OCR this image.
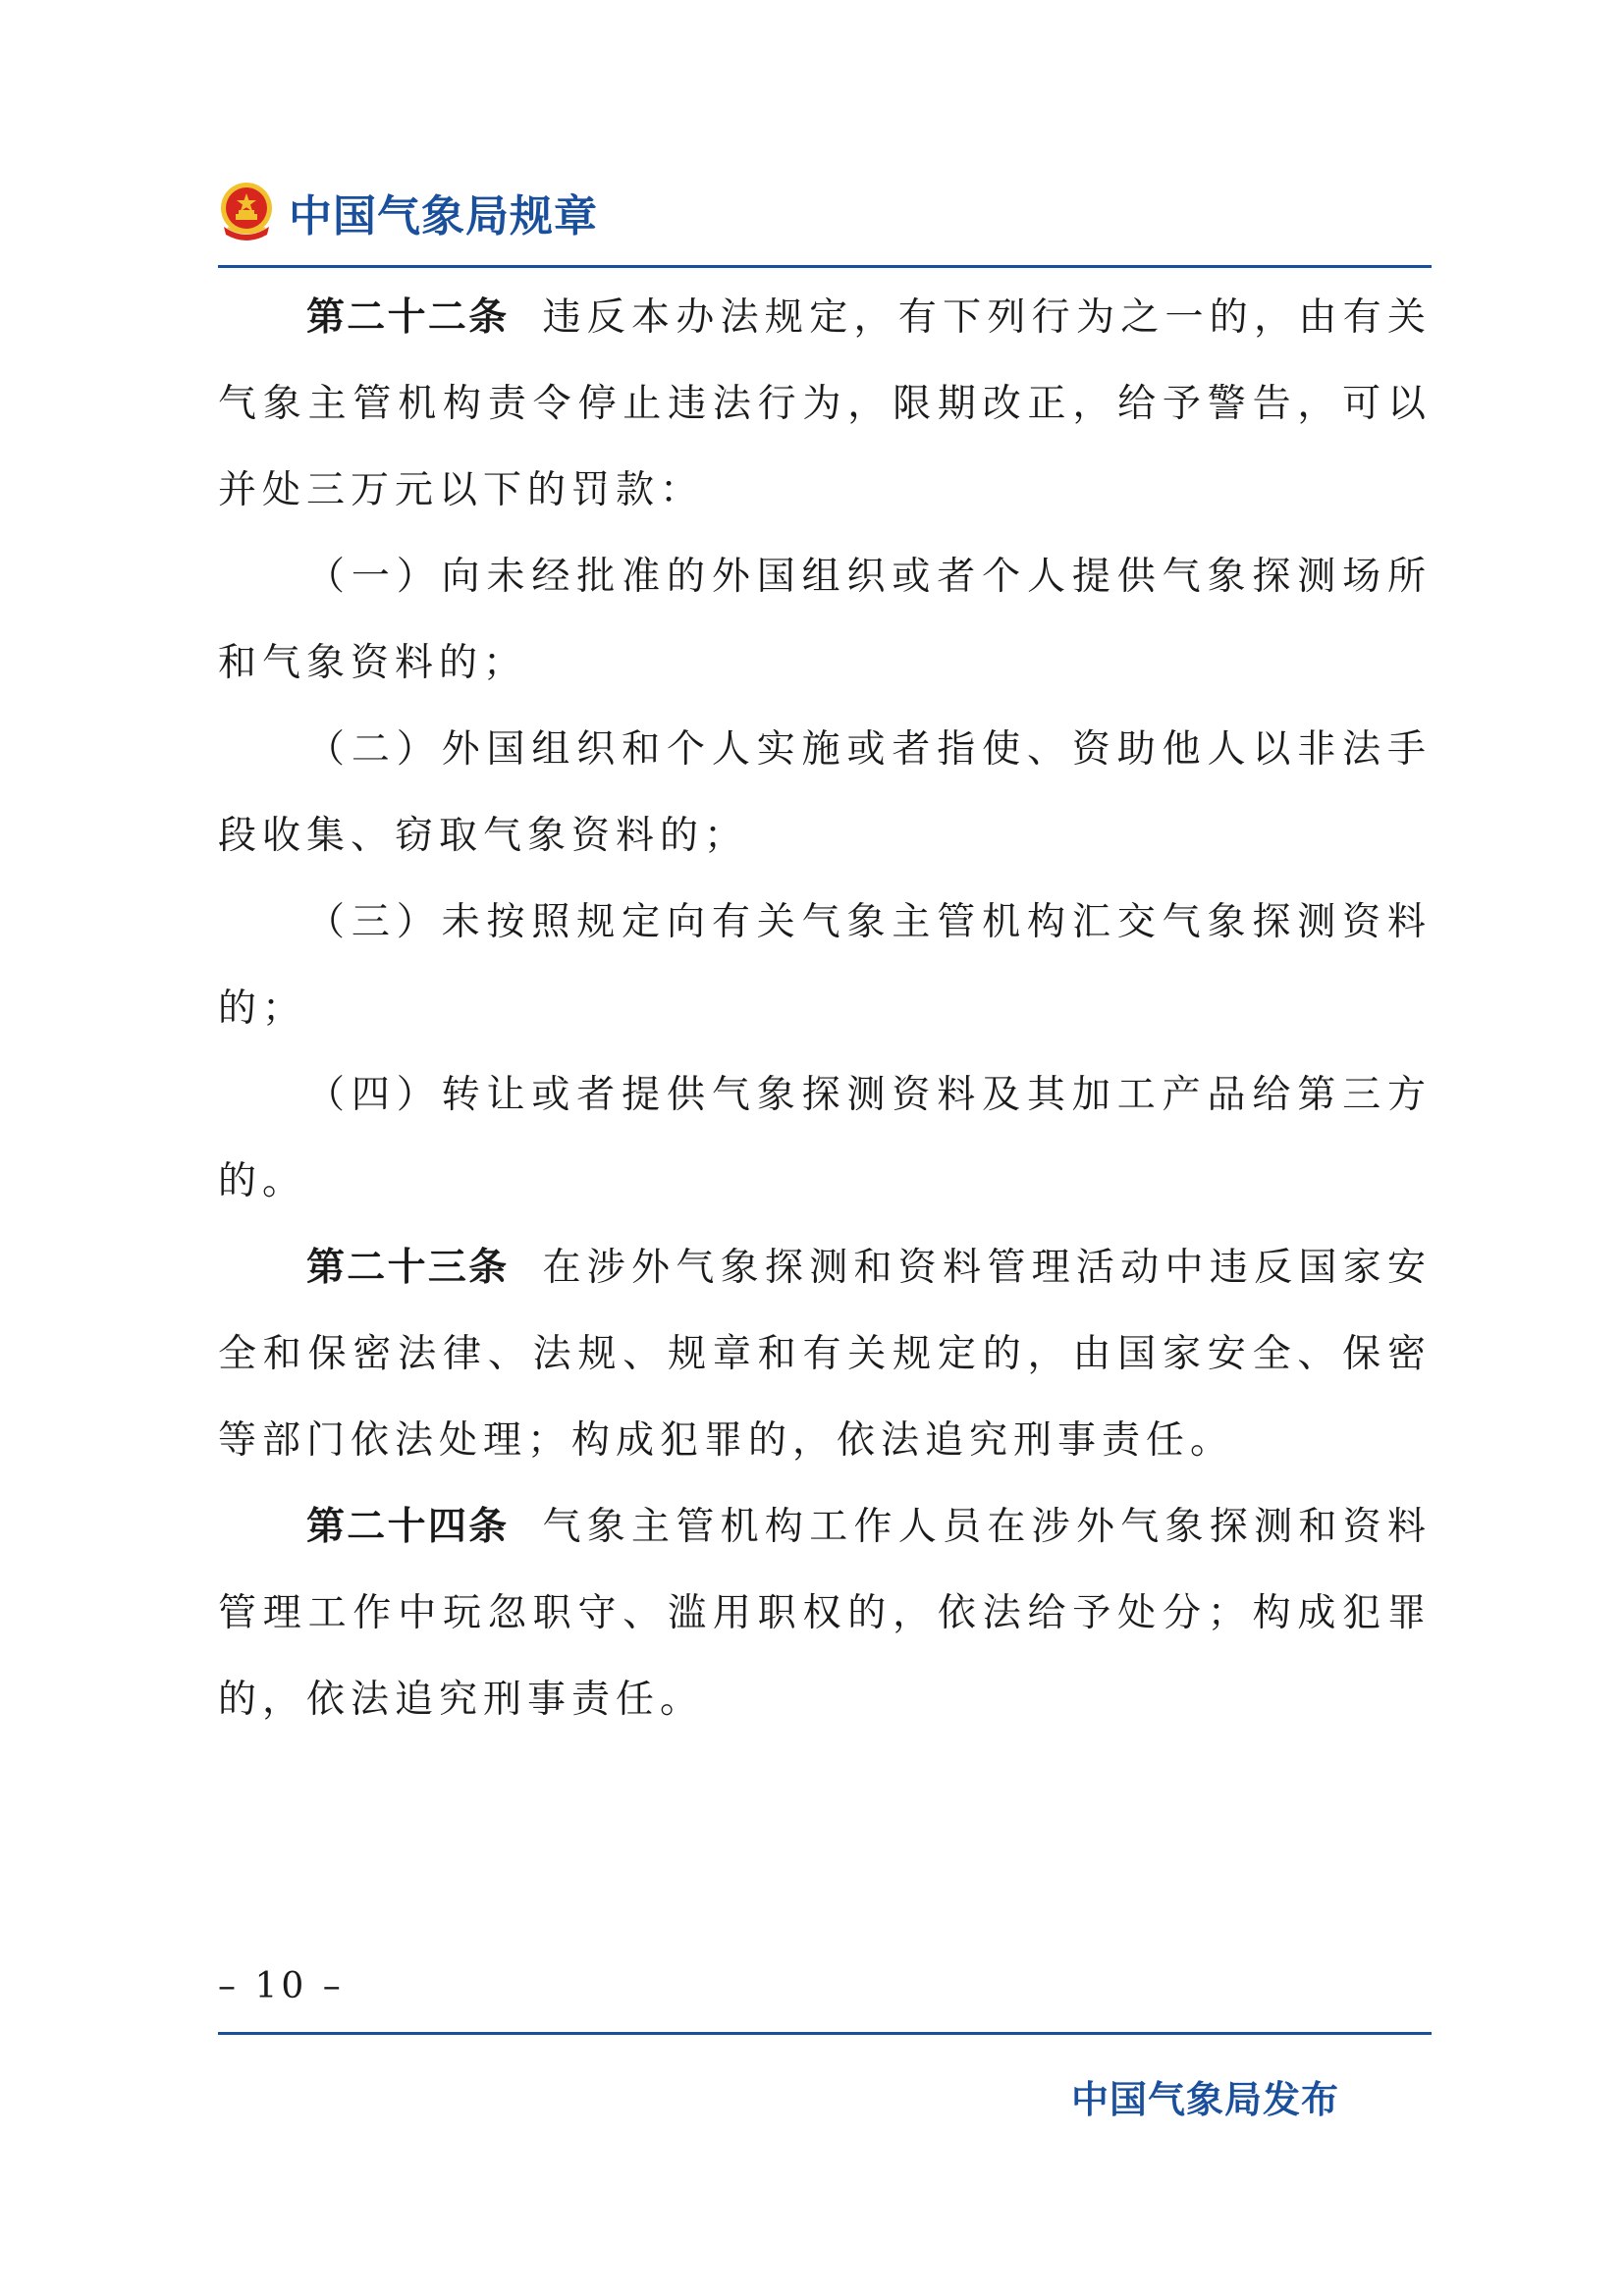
中国气象局规章

第二十二条 违反本办法规定，有下列行为之一的，由有关气象主管机构责令停止违法行为，限期改正，给予警告，可以并处三万元以下的罚款：

（一）向未经批准的外国组织或者个人提供气象探测场所和气象资料的；

（二）外国组织和个人实施或者指使、资助他人以非法手段收集、窃取气象资料的；

（三）未按照规定向有关气象主管机构汇交气象探测资料的；

（四）转让或者提供气象探测资料及其加工产品给第三方的。

第二十三条 在涉外气象探测和资料管理活动中违反国家安全和保密法律、法规、规章和有关规定的，由国家安全、保密等部门依法处理；构成犯罪的，依法追究刑事责任。

第二十四条 气象主管机构工作人员在涉外气象探测和资料管理工作中玩忽职守、滥用职权的，依法给予处分；构成犯罪的，依法追究刑事责任。

– 10 –
中国气象局发布
